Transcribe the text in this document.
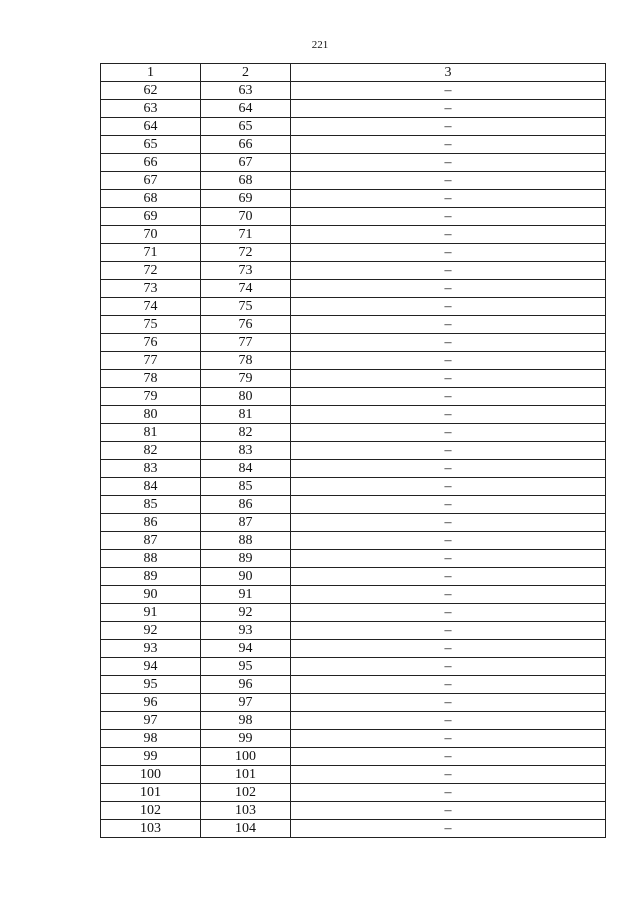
221
1	2	3
62	63	–
63	64	–
64	65	–
65	66	–
66	67	–
67	68	–
68	69	–
69	70	–
70	71	–
71	72	–
72	73	–
73	74	–
74	75	–
75	76	–
76	77	–
77	78	–
78	79	–
79	80	–
80	81	–
81	82	–
82	83	–
83	84	–
84	85	–
85	86	–
86	87	–
87	88	–
88	89	–
89	90	–
90	91	–
91	92	–
92	93	–
93	94	–
94	95	–
95	96	–
96	97	–
97	98	–
98	99	–
99	100	–
100	101	–
101	102	–
102	103	–
103	104	–
